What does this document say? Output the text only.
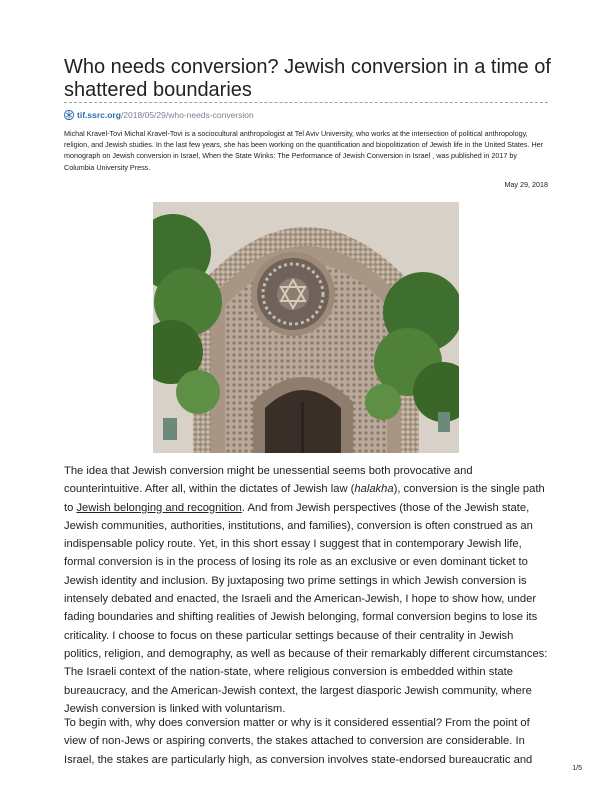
Who needs conversion? Jewish conversion in a time of shattered boundaries
tif.ssrc.org /2018/05/29/who-needs-conversion

Michal Kravel-Tovi Michal Kravel-Tovi is a sociocultural anthropologist at Tel Aviv University, who works at the intersection of political anthropology, religion, and Jewish studies. In the last few years, she has been working on the quantification and biopolitization of Jewish life in the United States. Her monograph on Jewish conversion in Israel, When the State Winks: The Performance of Jewish Conversion in Israel , was published in 2017 by Columbia University Press.

May 29, 2018

The idea that Jewish conversion might be unessential seems both provocative and counterintuitive. After all, within the dictates of Jewish law (halakha), conversion is the single path to Jewish belonging and recognition. And from Jewish perspectives (those of the Jewish state, Jewish communities, authorities, institutions, and families), conversion is often construed as an indispensable policy route. Yet, in this short essay I suggest that in contemporary Jewish life, formal conversion is in the process of losing its role as an exclusive or even dominant ticket to Jewish identity and inclusion. By juxtaposing two prime settings in which Jewish conversion is intensely debated and enacted, the Israeli and the American-Jewish, I hope to show how, under fading boundaries and shifting realities of Jewish belonging, formal conversion begins to lose its criticality. I choose to focus on these particular settings because of their centrality in Jewish politics, religion, and demography, as well as because of their remarkably different circumstances: The Israeli context of the nation-state, where religious conversion is embedded within state bureaucracy, and the American-Jewish context, the largest diasporic Jewish community, where Jewish conversion is linked with voluntarism.

To begin with, why does conversion matter or why is it considered essential? From the point of view of non-Jews or aspiring converts, the stakes attached to conversion are considerable. In Israel, the stakes are particularly high, as conversion involves state-endorsed bureaucratic and

1/5
